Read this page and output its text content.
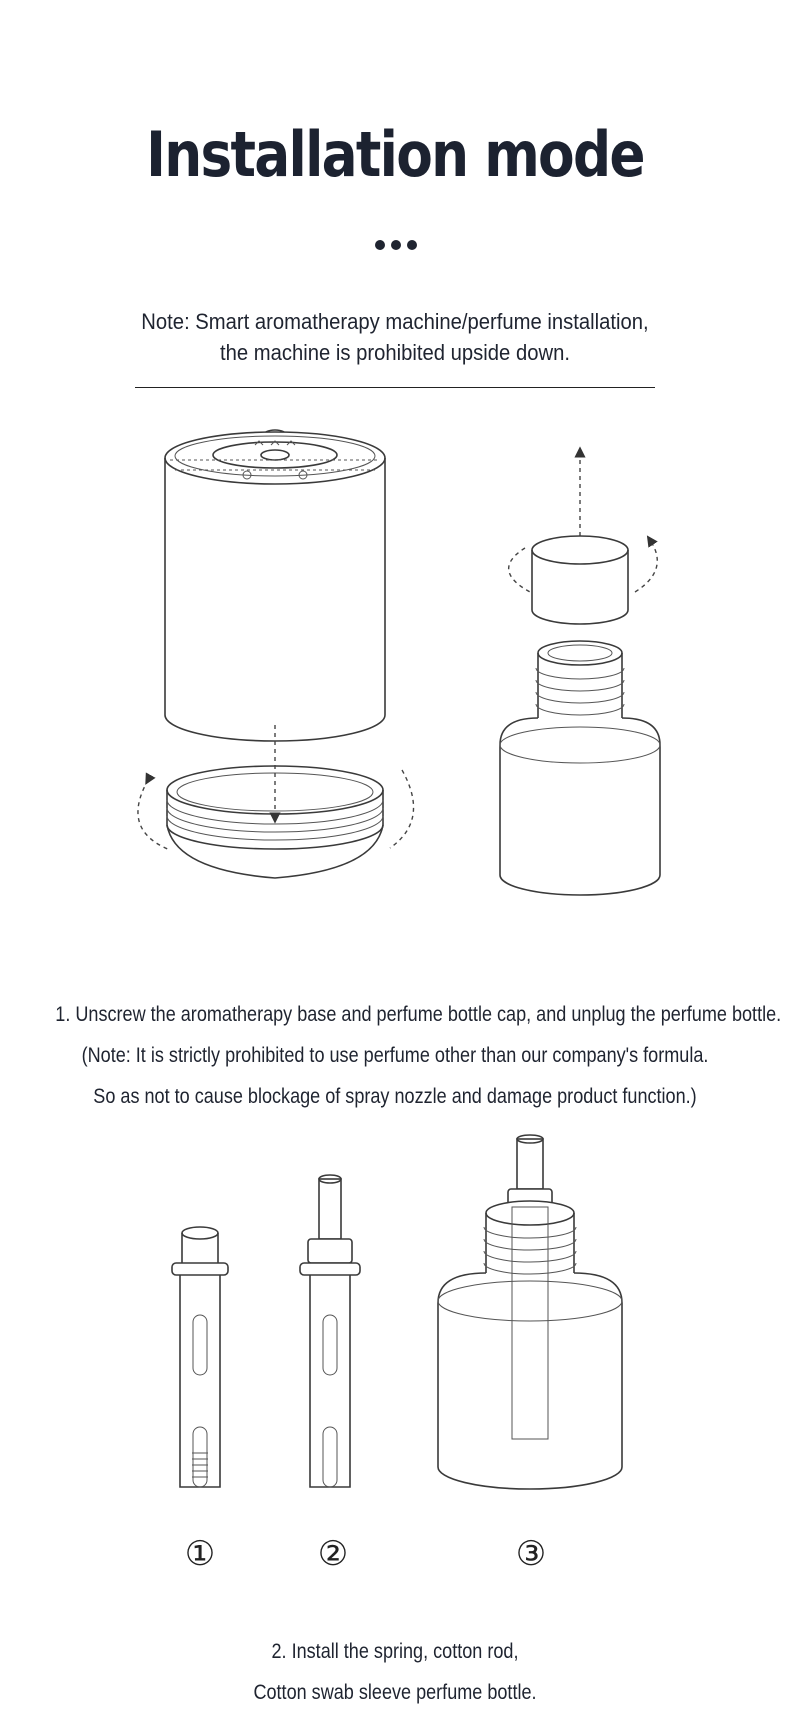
Installation mode
Note: Smart aromatherapy machine/perfume installation,
the machine is prohibited upside down.
1. Unscrew the aromatherapy base and perfume bottle cap, and unplug the perfume bottle.
(Note: It is strictly prohibited to use perfume other than our company's formula.
So as not to cause blockage of spray nozzle and damage product function.)
①	②	③
2. Install the spring, cotton rod,
Cotton swab sleeve perfume bottle.
